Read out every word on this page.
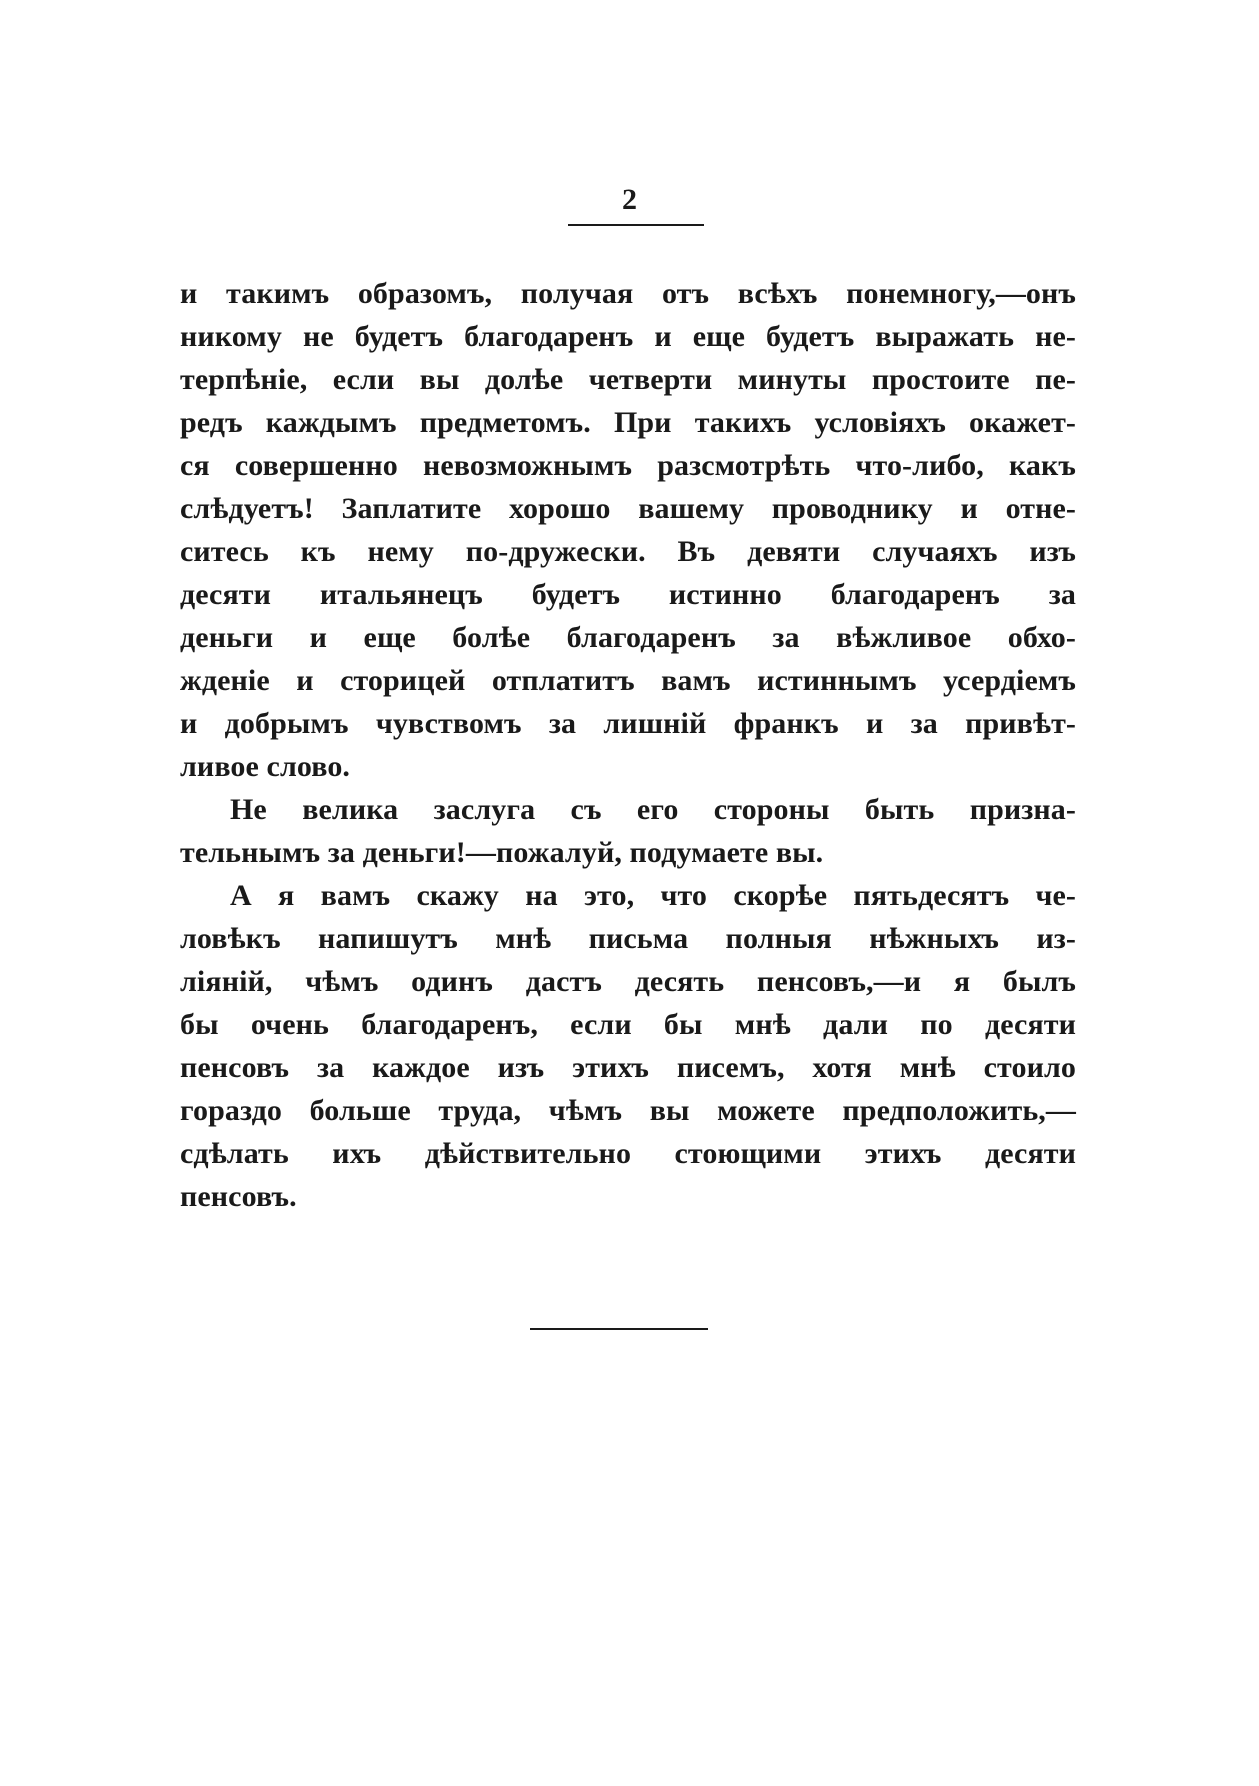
2
и такимъ образомъ, получая отъ всѣхъ понемногу,—онъ
никому не будетъ благодаренъ и еще будетъ выражать не-
терпѣніе, если вы долѣе четверти минуты простоите пе-
редъ каждымъ предметомъ. При такихъ условіяхъ окажет-
ся совершенно невозможнымъ разсмотрѣть что-либо, какъ
слѣдуетъ! Заплатите хорошо вашему проводнику и отне-
ситесь къ нему по-дружески. Въ девяти случаяхъ изъ
десяти итальянецъ будетъ истинно благодаренъ за
деньги и еще болѣе благодаренъ за вѣжливое обхо-
жденіе и сторицей отплатитъ вамъ истиннымъ усердіемъ
и добрымъ чувствомъ за лишній франкъ и за привѣт-
ливое слово.
Не велика заслуга съ его стороны быть призна-
тельнымъ за деньги!—пожалуй, подумаете вы.
А я вамъ скажу на это, что скорѣе пятьдесятъ че-
ловѣкъ напишутъ мнѣ письма полныя нѣжныхъ из-
ліяній, чѣмъ одинъ дастъ десять пенсовъ,—и я былъ
бы очень благодаренъ, если бы мнѣ дали по десяти
пенсовъ за каждое изъ этихъ писемъ, хотя мнѣ стоило
гораздо больше труда, чѣмъ вы можете предположить,—
сдѣлать ихъ дѣйствительно стоющими этихъ десяти
пенсовъ.
